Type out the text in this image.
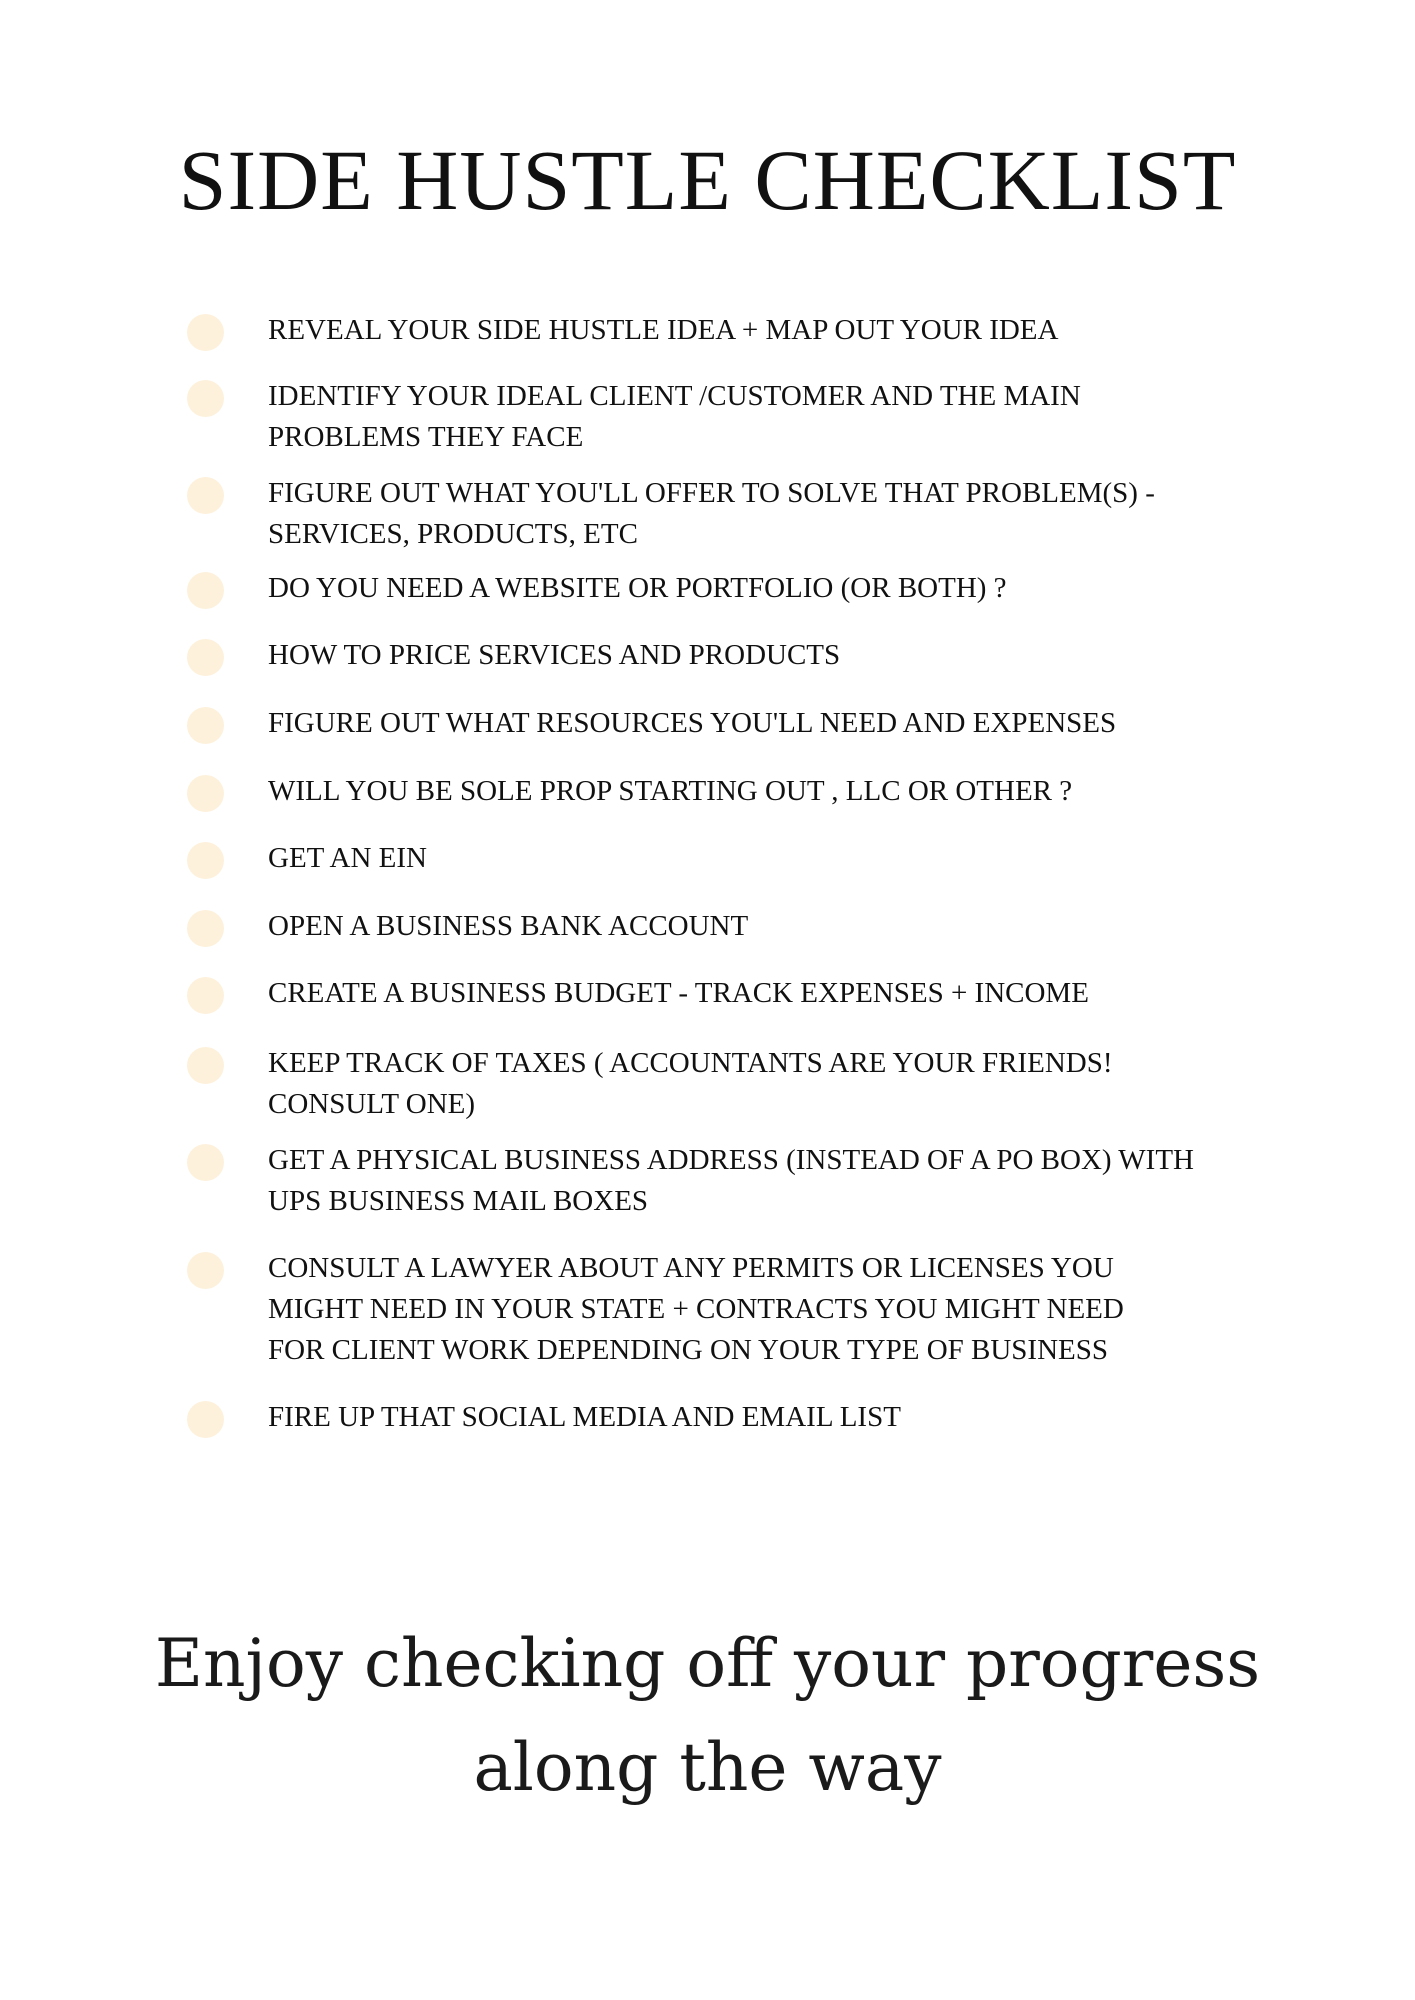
SIDE HUSTLE CHECKLIST

REVEAL YOUR SIDE HUSTLE IDEA + MAP OUT YOUR IDEA

IDENTIFY YOUR IDEAL CLIENT /CUSTOMER AND THE MAIN
PROBLEMS THEY FACE

FIGURE OUT WHAT YOU'LL OFFER TO SOLVE THAT PROBLEM(S) -
SERVICES, PRODUCTS, ETC

DO YOU NEED A WEBSITE OR PORTFOLIO (OR BOTH) ?

HOW TO PRICE SERVICES AND PRODUCTS

FIGURE OUT WHAT RESOURCES YOU'LL NEED AND EXPENSES

WILL YOU BE SOLE PROP STARTING OUT , LLC OR OTHER ?

GET AN EIN

OPEN A BUSINESS BANK ACCOUNT

CREATE A BUSINESS BUDGET - TRACK EXPENSES + INCOME

KEEP TRACK OF TAXES ( ACCOUNTANTS ARE YOUR FRIENDS!
CONSULT ONE)

GET A PHYSICAL BUSINESS ADDRESS (INSTEAD OF A PO BOX) WITH
UPS BUSINESS MAIL BOXES

CONSULT A LAWYER ABOUT ANY PERMITS OR LICENSES YOU
MIGHT NEED IN YOUR STATE + CONTRACTS YOU MIGHT NEED
FOR CLIENT WORK DEPENDING ON YOUR TYPE OF BUSINESS

FIRE UP THAT SOCIAL MEDIA AND EMAIL LIST

Enjoy checking off your progress
along the way
